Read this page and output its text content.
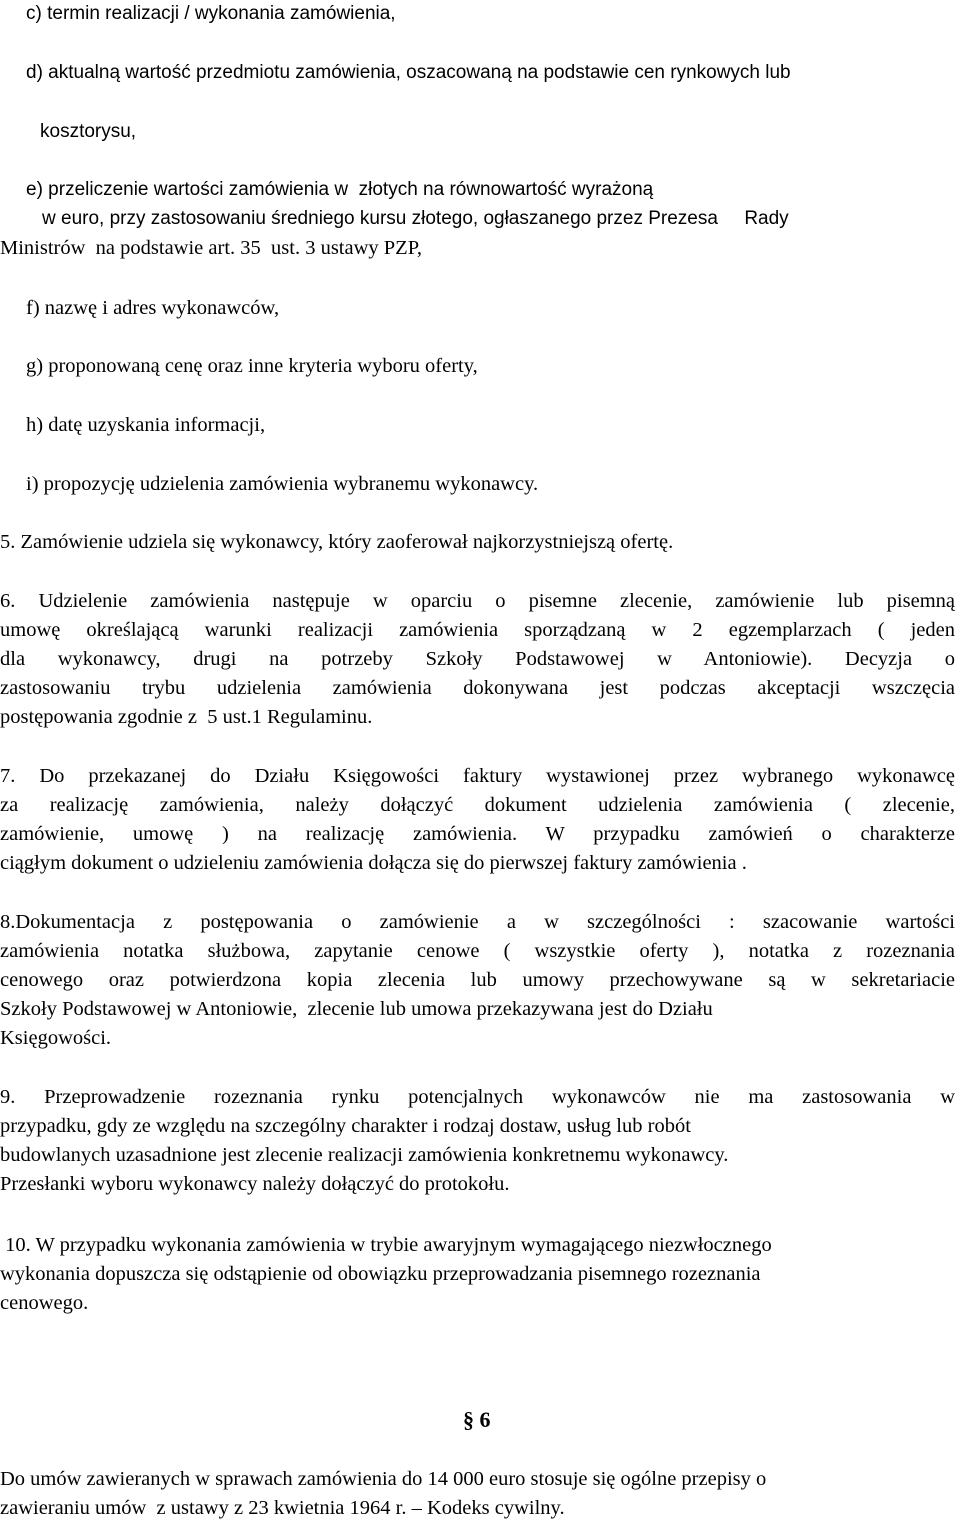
c) termin realizacji / wykonania zamówienia,

d) aktualną wartość przedmiotu zamówienia, oszacowaną na podstawie cen rynkowych lub

kosztorysu,

e) przeliczenie wartości zamówienia w  złotych na równowartość wyrażoną

w euro, przy zastosowaniu średniego kursu złotego, ogłaszanego przez Prezesa     Rady

Ministrów  na podstawie art. 35  ust. 3 ustawy PZP,

f) nazwę i adres wykonawców,

g) proponowaną cenę oraz inne kryteria wyboru oferty,

h) datę uzyskania informacji,

i) propozycję udzielenia zamówienia wybranemu wykonawcy.

5. Zamówienie udziela się wykonawcy, który zaoferował najkorzystniejszą ofertę.

6. Udzielenie zamówienia następuje w oparciu o pisemne zlecenie, zamówienie lub pisemną

umowę określającą warunki realizacji zamówienia sporządzaną w 2 egzemplarzach ( jeden

dla wykonawcy, drugi na potrzeby Szkoły Podstawowej w Antoniowie). Decyzja o

zastosowaniu trybu udzielenia zamówienia dokonywana jest podczas akceptacji wszczęcia

postępowania zgodnie z  5 ust.1 Regulaminu.

7. Do przekazanej do Działu Księgowości faktury wystawionej przez wybranego wykonawcę

za realizację zamówienia, należy dołączyć dokument udzielenia zamówienia ( zlecenie,

zamówienie, umowę ) na realizację zamówienia. W przypadku zamówień o charakterze

ciągłym dokument o udzieleniu zamówienia dołącza się do pierwszej faktury zamówienia .

8.Dokumentacja z postępowania o zamówienie a w szczególności : szacowanie wartości

zamówienia notatka służbowa, zapytanie cenowe ( wszystkie oferty ), notatka z rozeznania

cenowego oraz potwierdzona kopia zlecenia lub umowy przechowywane są w sekretariacie

Szkoły Podstawowej w Antoniowie,  zlecenie lub umowa przekazywana jest do Działu

Księgowości.

9. Przeprowadzenie rozeznania rynku potencjalnych wykonawców nie ma zastosowania w

przypadku, gdy ze względu na szczególny charakter i rodzaj dostaw, usług lub robót

budowlanych uzasadnione jest zlecenie realizacji zamówienia konkretnemu wykonawcy.

Przesłanki wyboru wykonawcy należy dołączyć do protokołu.

10. W przypadku wykonania zamówienia w trybie awaryjnym wymagającego niezwłocznego

wykonania dopuszcza się odstąpienie od obowiązku przeprowadzania pisemnego rozeznania

cenowego.

§ 6

Do umów zawieranych w sprawach zamówienia do 14 000 euro stosuje się ogólne przepisy o

zawieraniu umów  z ustawy z 23 kwietnia 1964 r. – Kodeks cywilny.
